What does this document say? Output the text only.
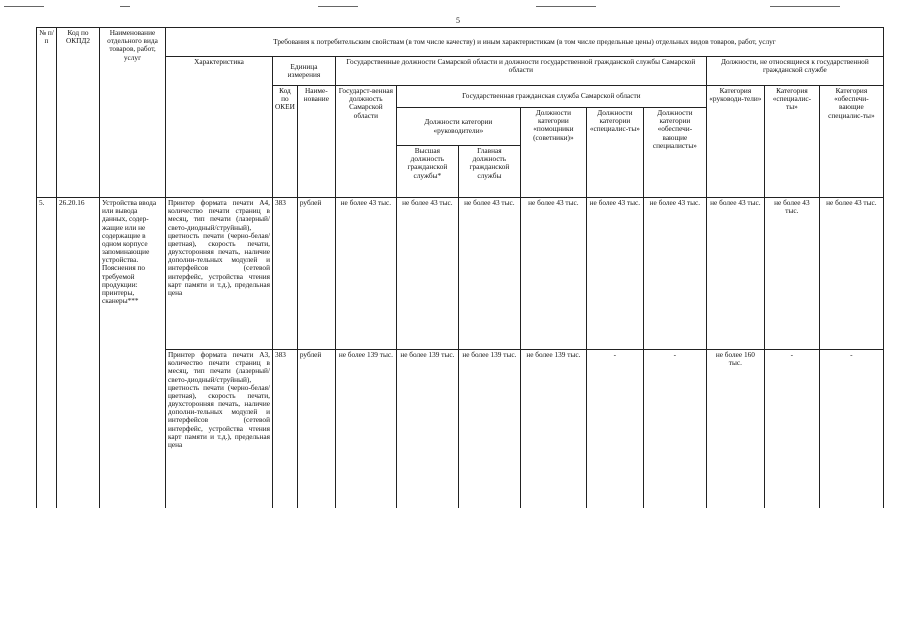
5
№ п/п	Код по ОКПД2	Наименование отдельного вида товаров, работ, услуг	Требования к потребительским свойствам (в том числе качеству) и иным характеристикам (в том числе предельные цены) отдельных видов товаров, работ, услуг											
			Характеристика	Единица измерения		Государственные должности Самарской области и должности государственной гражданской службы Самарской области						Должности, не относящиеся к государственной гражданской службе		
				Код по ОКЕИ	Наиме-нование	Государст-венная должность Самарской области	Государственная гражданская служба Самарской области					Категория «руководи-тели»	Категория «специалис-ты»	Категория «обеспечи-вающие специалис-ты»
							Должности категории «руководители»		Должности категории «помощники (советники)»	Должности категории «специалис-ты»	Должности категории «обеспечи-вающие специалисты»			
							Высшая должность гражданской службы*	Главная должность гражданской службы						
5.	26.20.16	Устройства ввода или вывода данных, содер-жащие или не содержащие в одном корпусе запоминающие устройства. Пояснения по требуемой продукции: принтеры, сканеры***	Принтер формата печати А4, количество печати страниц в месяц, тип печати (лазерный/свето-диодный/струйный), цветность печати (черно-белая/цветная), скорость печати, двухсторонняя печать, наличие дополни-тельных модулей и интерфейсов (сетевой интерфейс, устройства чтения карт памяти и т.д.), предельная цена	383	рублей	не более 43 тыс.	не более 43 тыс.	не более 43 тыс.	не более 43 тыс.	не более 43 тыс.	не более 43 тыс.	не более 43 тыс.	не более 43 тыс.	не более 43 тыс.
			Принтер формата печати А3, количество печати страниц в месяц, тип печати (лазерный/свето-диодный/струйный), цветность печати (черно-белая/цветная), скорость печати, двухсторонняя печать, наличие дополни-тельных модулей и интерфейсов (сетевой интерфейс, устройства чтения карт памяти и т.д.), предельная цена	383	рублей	не более 139 тыс.	не более 139 тыс.	не более 139 тыс.	не более 139 тыс.	-	-	не более 160 тыс.	-	-
